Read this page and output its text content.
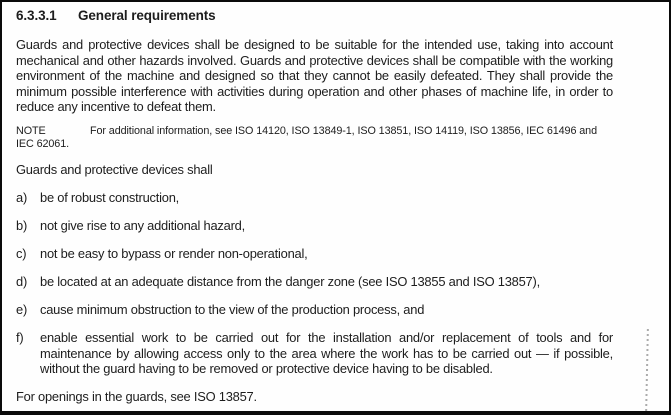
6.3.3.1 General requirements

Guards and protective devices shall be designed to be suitable for the intended use, taking into account mechanical and other hazards involved. Guards and protective devices shall be compatible with the working environment of the machine and designed so that they cannot be easily defeated. They shall provide the minimum possible interference with activities during operation and other phases of machine life, in order to reduce any incentive to defeat them.

NOTE	For additional information, see ISO 14120, ISO 13849-1, ISO 13851, ISO 14119, ISO 13856, IEC 61496 and IEC 62061.

Guards and protective devices shall

a) be of robust construction,
b) not give rise to any additional hazard,
c) not be easy to bypass or render non-operational,
d) be located at an adequate distance from the danger zone (see ISO 13855 and ISO 13857),
e) cause minimum obstruction to the view of the production process, and
f) enable essential work to be carried out for the installation and/or replacement of tools and for maintenance by allowing access only to the area where the work has to be carried out — if possible, without the guard having to be removed or protective device having to be disabled.

For openings in the guards, see ISO 13857.
